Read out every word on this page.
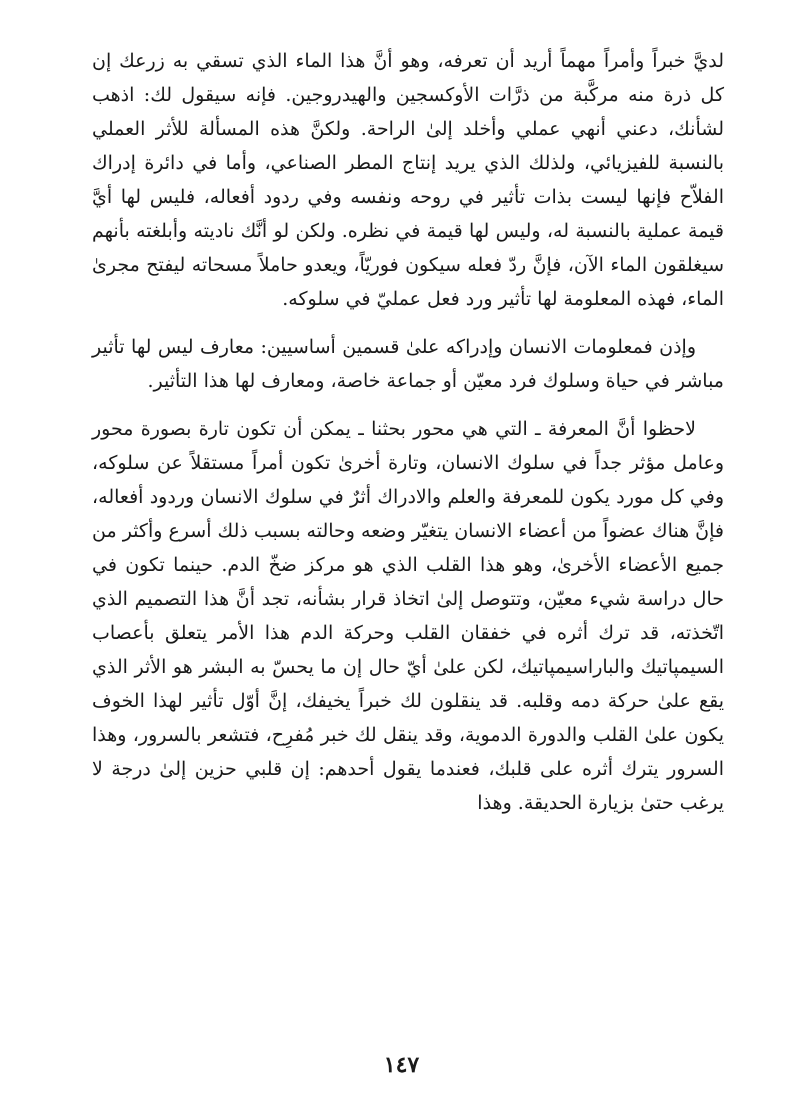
لديَّ خبراً وأمراً مهماً أريد أن تعرفه، وهو أنَّ هذا الماء الذي تسقي به زرعك إن كل ذرة منه مركَّبة من ذرَّات الأوكسجين والهيدروجين. فإنه سيقول لك: اذهب لشأنك، دعني أنهي عملي وأخلد إلىٰ الراحة. ولكنَّ هذه المسألة للأثر العملي بالنسبة للفيزيائي، ولذلك الذي يريد إنتاج المطر الصناعي، وأما في دائرة إدراك الفلاّح فإنها ليست بذات تأثير في روحه ونفسه وفي ردود أفعاله، فليس لها أيَّ قيمة عملية بالنسبة له، وليس لها قيمة في نظره. ولكن لو أنَّك ناديته وأبلغته بأنهم سيغلقون الماء الآن، فإنَّ ردّ فعله سيكون فوريّاً، ويعدو حاملاً مسحاته ليفتح مجرىٰ الماء، فهذه المعلومة لها تأثير ورد فعل عمليّ في سلوكه.

وإذن فمعلومات الانسان وإدراكه علىٰ قسمين أساسيين: معارف ليس لها تأثير مباشر في حياة وسلوك فرد معيّن أو جماعة خاصة، ومعارف لها هذا التأثير.

لاحظوا أنَّ المعرفة ـ التي هي محور بحثنا ـ يمكن أن تكون تارة بصورة محور وعامل مؤثر جداً في سلوك الانسان، وتارة أخرىٰ تكون أمراً مستقلاً عن سلوكه، وفي كل مورد يكون للمعرفة والعلم والادراك أثرٌ في سلوك الانسان وردود أفعاله، فإنَّ هناك عضواً من أعضاء الانسان يتغيّر وضعه وحالته بسبب ذلك أسرع وأكثر من جميع الأعضاء الأخرىٰ، وهو هذا القلب الذي هو مركز ضخّ الدم. حينما تكون في حال دراسة شيء معيّن، وتتوصل إلىٰ اتخاذ قرار بشأنه، تجد أنَّ هذا التصميم الذي اتّخذته، قد ترك أثره في خفقان القلب وحركة الدم هذا الأمر يتعلق بأعصاب السيمپاتيك والباراسيمپاتيك، لكن علىٰ أيّ حال إن ما يحسّ به البشر هو الأثر الذي يقع علىٰ حركة دمه وقلبه. قد ينقلون لك خبراً يخيفك، إنَّ أوّل تأثير لهذا الخوف يكون علىٰ القلب والدورة الدموية، وقد ينقل لك خبر مُفرِح، فتشعر بالسرور، وهذا السرور يترك أثره على قلبك، فعندما يقول أحدهم: إن قلبي حزين إلىٰ درجة لا يرغب حتىٰ بزيارة الحديقة. وهذا

١٤٧
